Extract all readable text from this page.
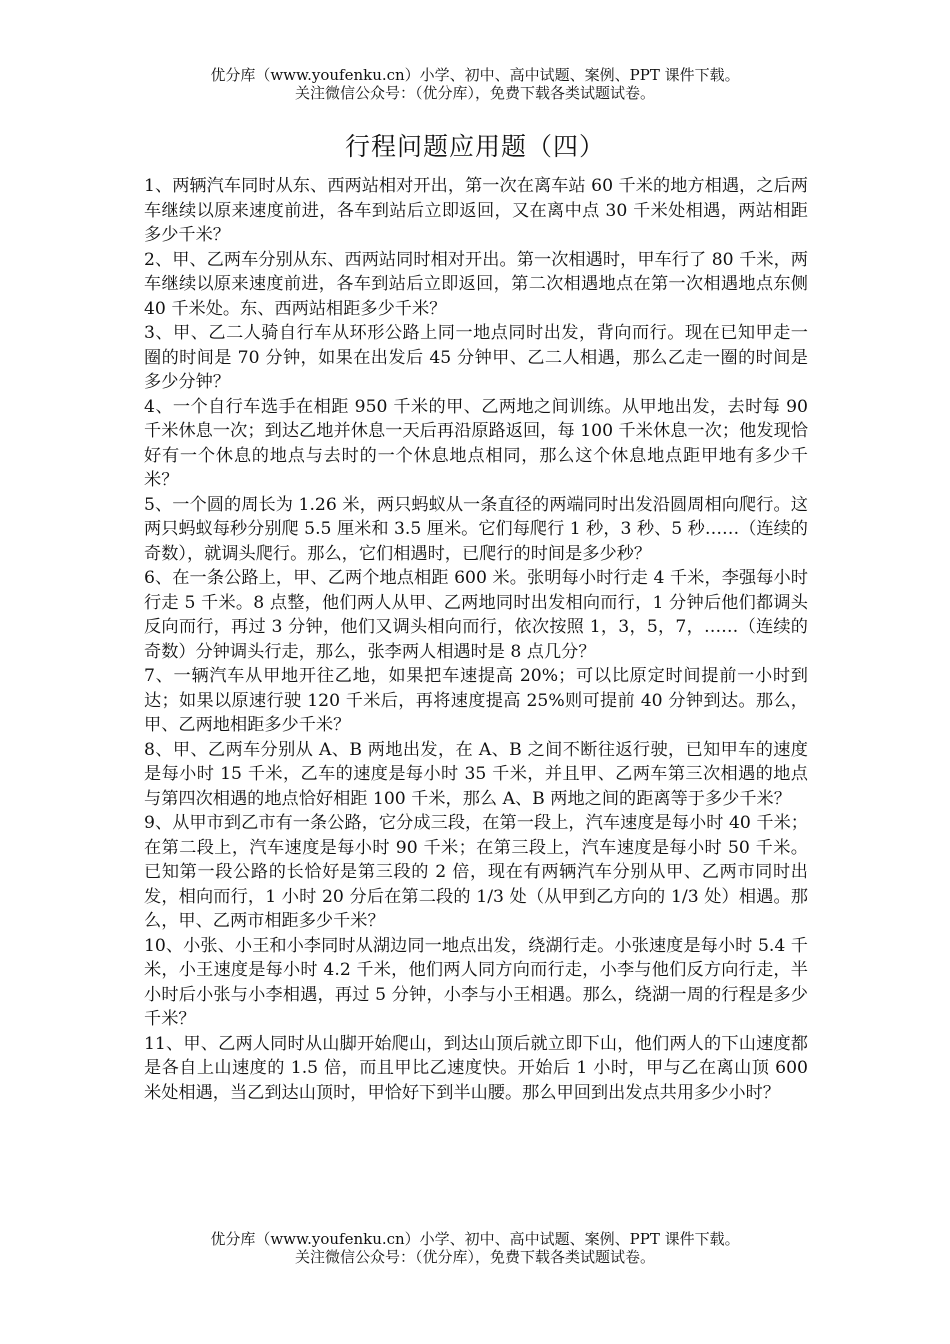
优分库（www.youfenku.cn）小学、初中、高中试题、案例、PPT 课件下载。
关注微信公众号：（优分库），免费下载各类试题试卷。
行程问题应用题（四）

1、两辆汽车同时从东、西两站相对开出，第一次在离车站 60 千米的地方相遇，之后两车继续以原来速度前进，各车到站后立即返回，又在离中点 30 千米处相遇，两站相距多少千米？

2、甲、乙两车分别从东、西两站同时相对开出。第一次相遇时，甲车行了 80 千米，两车继续以原来速度前进，各车到站后立即返回，第二次相遇地点在第一次相遇地点东侧 40 千米处。东、西两站相距多少千米？

3、甲、乙二人骑自行车从环形公路上同一地点同时出发，背向而行。现在已知甲走一圈的时间是 70 分钟，如果在出发后 45 分钟甲、乙二人相遇，那么乙走一圈的时间是多少分钟？

4、一个自行车选手在相距 950 千米的甲、乙两地之间训练。从甲地出发，去时每 90 千米休息一次；到达乙地并休息一天后再沿原路返回，每 100 千米休息一次；他发现恰好有一个休息的地点与去时的一个休息地点相同，那么这个休息地点距甲地有多少千米？

5、一个圆的周长为 1.26 米，两只蚂蚁从一条直径的两端同时出发沿圆周相向爬行。这两只蚂蚁每秒分别爬 5.5 厘米和 3.5 厘米。它们每爬行 1 秒，3 秒、5 秒……（连续的奇数），就调头爬行。那么，它们相遇时，已爬行的时间是多少秒？

6、在一条公路上，甲、乙两个地点相距 600 米。张明每小时行走 4 千米，李强每小时行走 5 千米。8 点整，他们两人从甲、乙两地同时出发相向而行，1 分钟后他们都调头反向而行，再过 3 分钟，他们又调头相向而行，依次按照 1，3，5，7，……（连续的奇数）分钟调头行走，那么，张李两人相遇时是 8 点几分？

7、一辆汽车从甲地开往乙地，如果把车速提高 20%；可以比原定时间提前一小时到达；如果以原速行驶 120 千米后，再将速度提高 25%则可提前 40 分钟到达。那么，甲、乙两地相距多少千米？

8、甲、乙两车分别从 A、B 两地出发，在 A、B 之间不断往返行驶，已知甲车的速度是每小时 15 千米，乙车的速度是每小时 35 千米，并且甲、乙两车第三次相遇的地点与第四次相遇的地点恰好相距 100 千米，那么 A、B 两地之间的距离等于多少千米？

9、从甲市到乙市有一条公路，它分成三段，在第一段上，汽车速度是每小时 40 千米；在第二段上，汽车速度是每小时 90 千米；在第三段上，汽车速度是每小时 50 千米。已知第一段公路的长恰好是第三段的 2 倍，现在有两辆汽车分别从甲、乙两市同时出发，相向而行，1 小时 20 分后在第二段的 1/3 处（从甲到乙方向的 1/3 处）相遇。那么，甲、乙两市相距多少千米？

10、小张、小王和小李同时从湖边同一地点出发，绕湖行走。小张速度是每小时 5.4 千米，小王速度是每小时 4.2 千米，他们两人同方向而行走，小李与他们反方向行走，半小时后小张与小李相遇，再过 5 分钟，小李与小王相遇。那么，绕湖一周的行程是多少千米？

11、甲、乙两人同时从山脚开始爬山，到达山顶后就立即下山，他们两人的下山速度都是各自上山速度的 1.5 倍，而且甲比乙速度快。开始后 1 小时，甲与乙在离山顶 600 米处相遇，当乙到达山顶时，甲恰好下到半山腰。那么甲回到出发点共用多少小时？

优分库（www.youfenku.cn）小学、初中、高中试题、案例、PPT 课件下载。
关注微信公众号：（优分库），免费下载各类试题试卷。
